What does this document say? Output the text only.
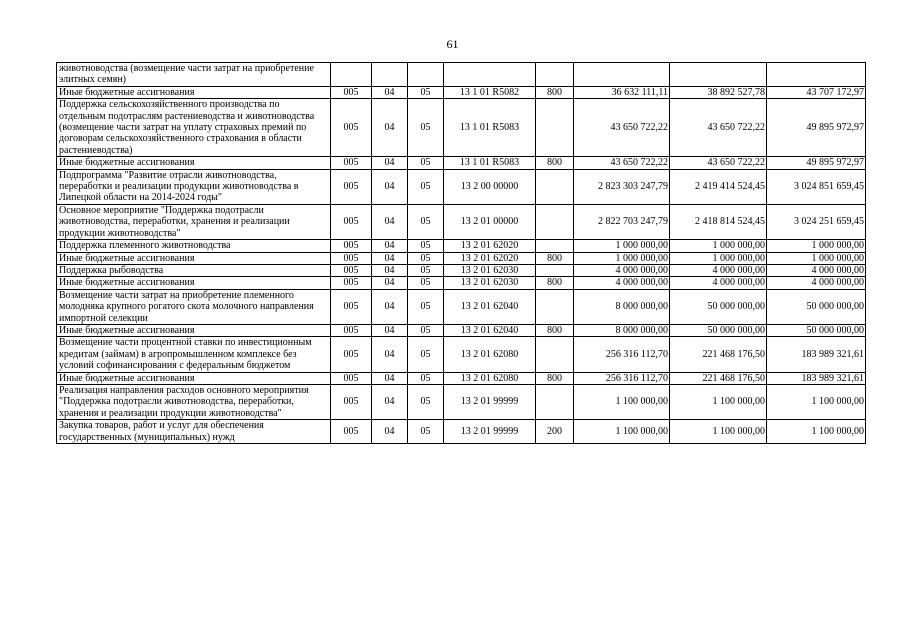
61
животноводства (возмещение части затрат на приобретение элитных семян)								
Иные бюджетные ассигнования	005	04	05	13 1 01 R5082	800	36 632 111,11	38 892 527,78	43 707 172,97
Поддержка сельскохозяйственного производства по отдельным подотраслям растениеводства и животноводства (возмещение части затрат на уплату страховых премий по договорам сельскохозяйственного страхования в области растениеводства)	005	04	05	13 1 01 R5083		43 650 722,22	43 650 722,22	49 895 972,97
Иные бюджетные ассигнования	005	04	05	13 1 01 R5083	800	43 650 722,22	43 650 722,22	49 895 972,97
Подпрограмма "Развитие отрасли животноводства, переработки и реализации продукции животноводства в Липецкой области на 2014-2024 годы"	005	04	05	13 2 00 00000		2 823 303 247,79	2 419 414 524,45	3 024 851 659,45
Основное мероприятие "Поддержка подотрасли животноводства, переработки, хранения и реализации продукции животноводства"	005	04	05	13 2 01 00000		2 822 703 247,79	2 418 814 524,45	3 024 251 659,45
Поддержка племенного животноводства	005	04	05	13 2 01 62020		1 000 000,00	1 000 000,00	1 000 000,00
Иные бюджетные ассигнования	005	04	05	13 2 01 62020	800	1 000 000,00	1 000 000,00	1 000 000,00
Поддержка рыбоводства	005	04	05	13 2 01 62030		4 000 000,00	4 000 000,00	4 000 000,00
Иные бюджетные ассигнования	005	04	05	13 2 01 62030	800	4 000 000,00	4 000 000,00	4 000 000,00
Возмещение части затрат на приобретение племенного молодняка крупного рогатого скота молочного направления импортной селекции	005	04	05	13 2 01 62040		8 000 000,00	50 000 000,00	50 000 000,00
Иные бюджетные ассигнования	005	04	05	13 2 01 62040	800	8 000 000,00	50 000 000,00	50 000 000,00
Возмещение части процентной ставки по инвестиционным кредитам (займам) в агропромышленном комплексе без условий софинансирования с федеральным бюджетом	005	04	05	13 2 01 62080		256 316 112,70	221 468 176,50	183 989 321,61
Иные бюджетные ассигнования	005	04	05	13 2 01 62080	800	256 316 112,70	221 468 176,50	183 989 321,61
Реализация направления расходов основного мероприятия "Поддержка подотрасли животноводства, переработки, хранения и реализации продукции животноводства"	005	04	05	13 2 01 99999		1 100 000,00	1 100 000,00	1 100 000,00
Закупка товаров, работ и услуг для обеспечения государственных (муниципальных) нужд	005	04	05	13 2 01 99999	200	1 100 000,00	1 100 000,00	1 100 000,00
